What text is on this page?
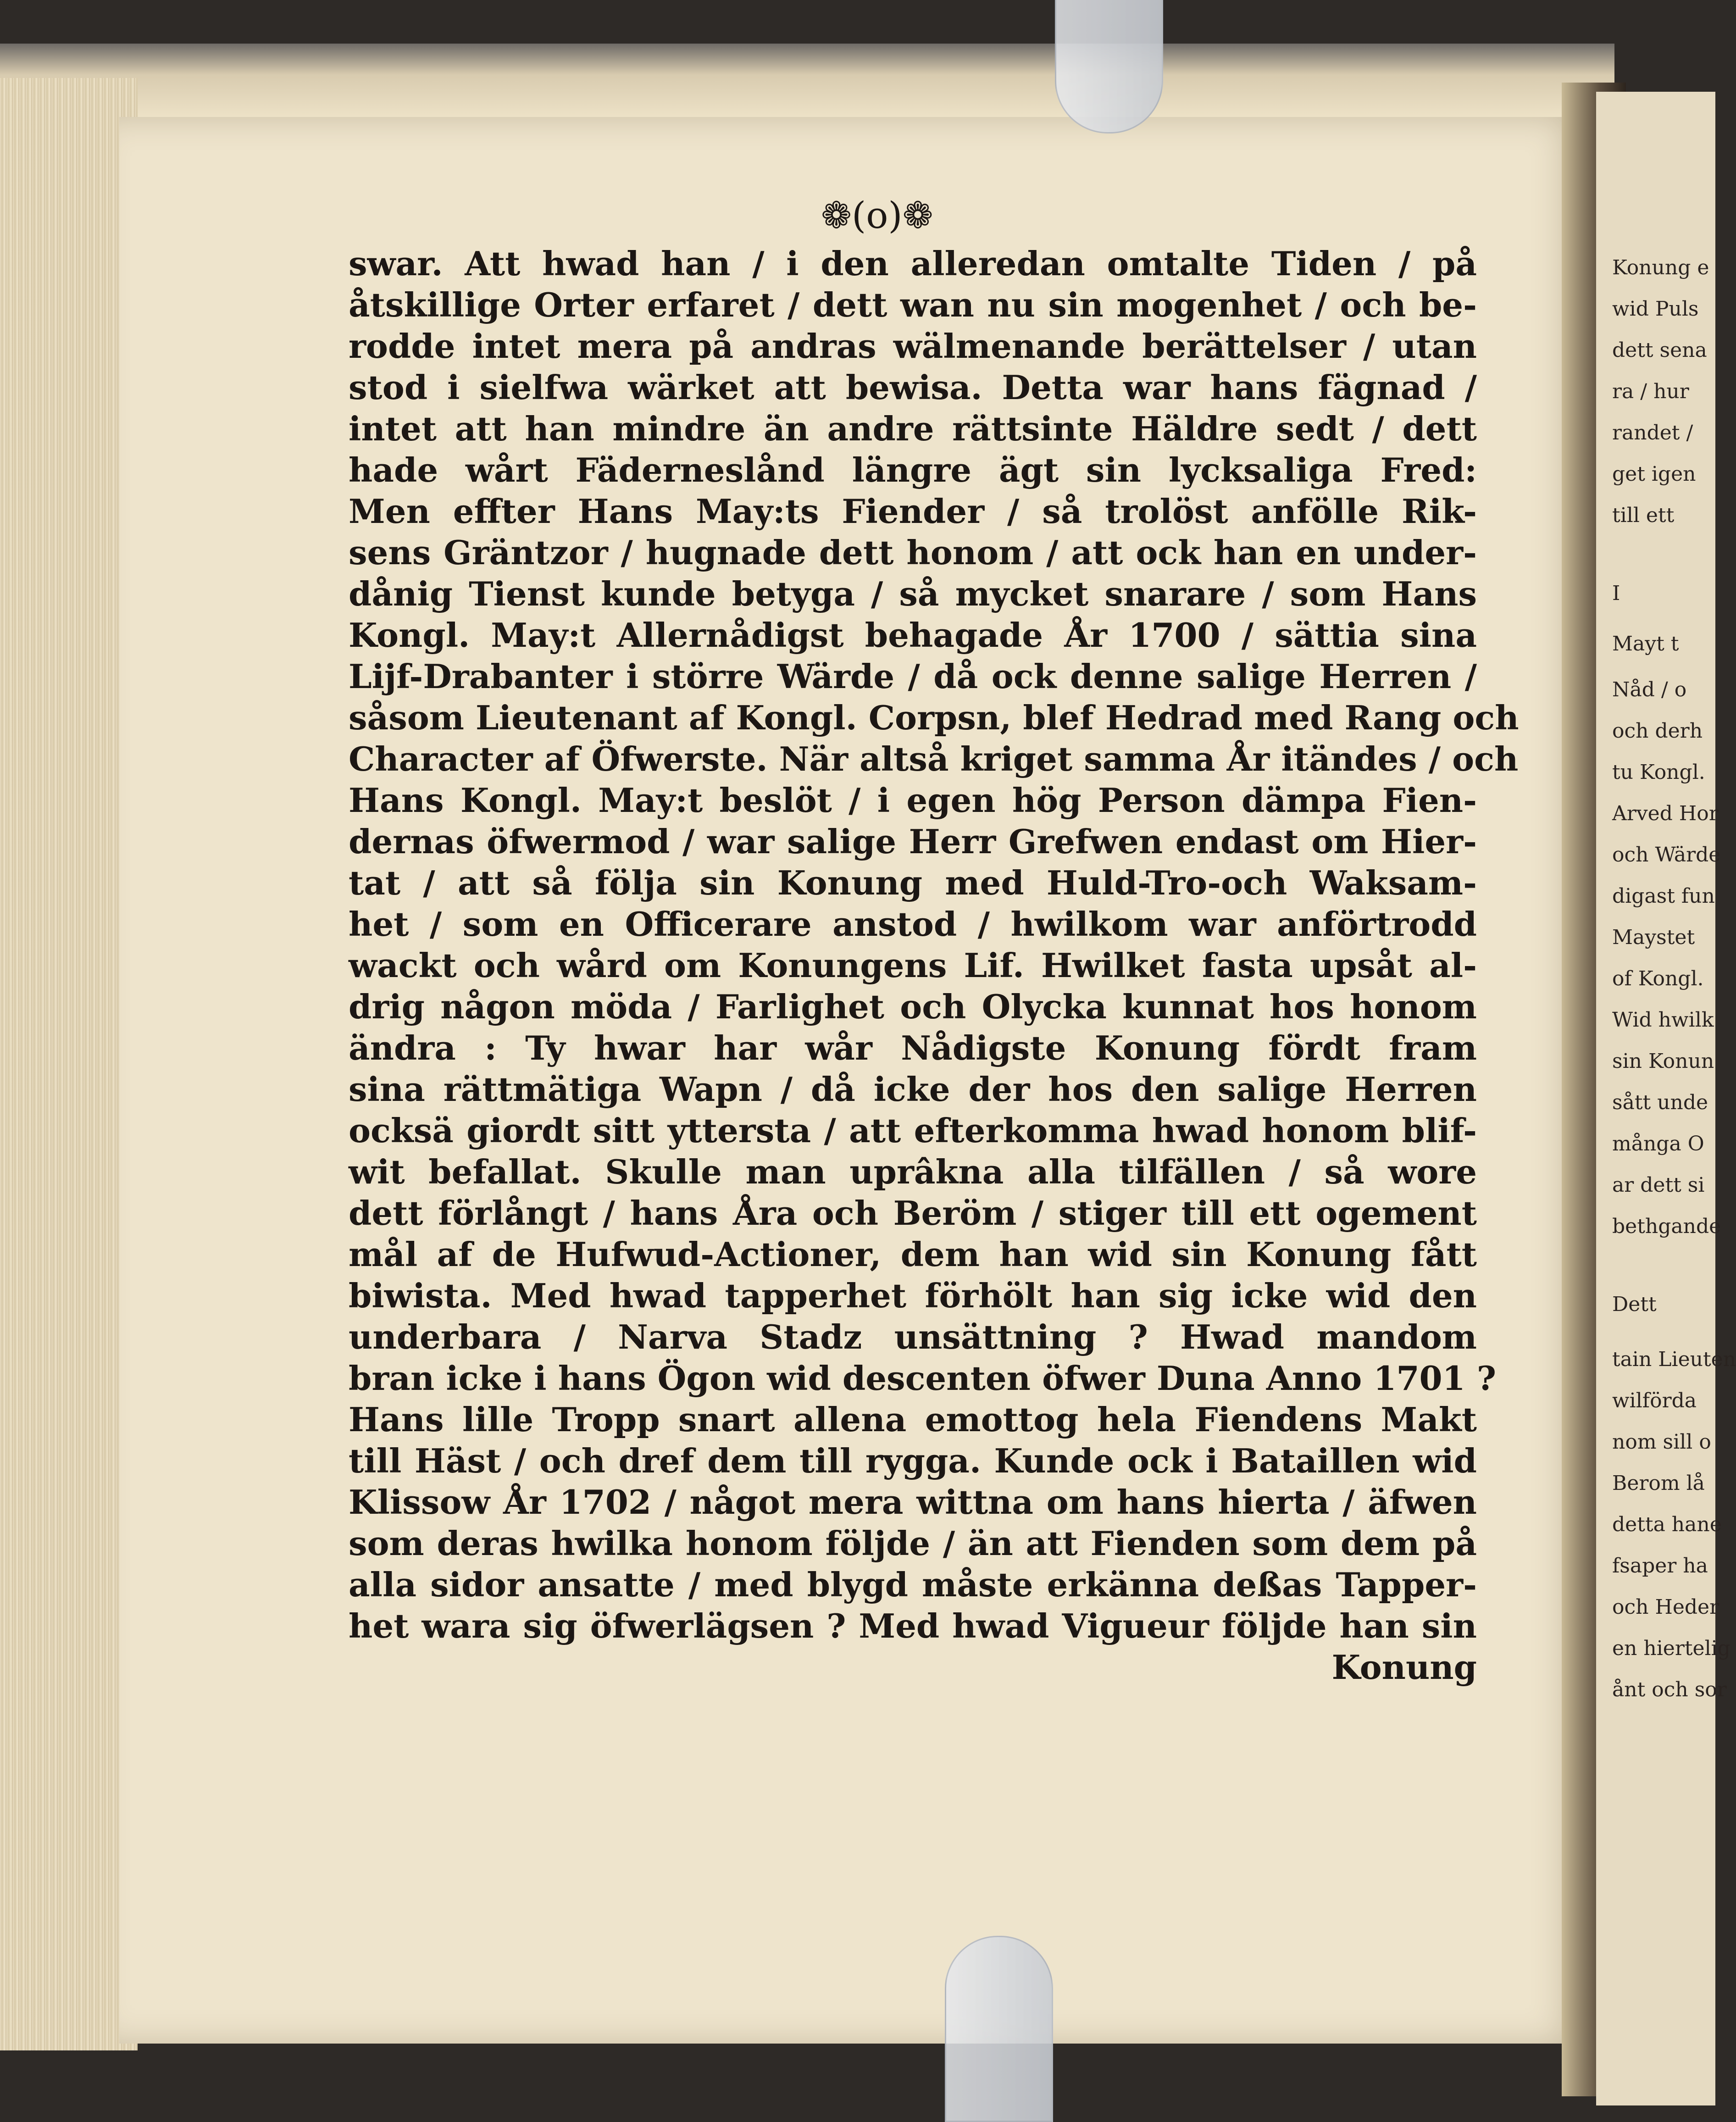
❁(o)❁
swar. Att hwad han / i den alleredan omtalte Tiden / på
åtskillige Orter erfaret / dett wan nu sin mogenhet / och be-
rodde intet mera på andras wälmenande berättelser / utan
stod i sielfwa wärket att bewisa. Detta war hans fägnad /
intet att han mindre än andre rättsinte Häldre sedt / dett
hade wårt Fäderneslånd längre ägt sin lycksaliga Fred:
Men effter Hans May:ts Fiender / så trolöst anfölle Rik-
sens Gräntzor / hugnade dett honom / att ock han en under-
dånig Tienst kunde betyga / så mycket snarare / som Hans
Kongl. May:t Allernådigst behagade År 1700 / sättia sina
Lijf-Drabanter i större Wärde / då ock denne salige Herren /
såsom Lieutenant af Kongl. Corpsn, blef Hedrad med Rang och
Character af Öfwerste. När altså kriget samma År itändes / och
Hans Kongl. May:t beslöt / i egen hög Person dämpa Fien-
dernas öfwermod / war salige Herr Grefwen endast om Hier-
tat / att så följa sin Konung med Huld-Tro-och Waksam-
het / som en Officerare anstod / hwilkom war anförtrodd
wackt och wård om Konungens Lif. Hwilket fasta upsåt al-
drig någon möda / Farlighet och Olycka kunnat hos honom
ändra : Ty hwar har wår Nådigste Konung fördt fram
sina rättmätiga Wapn / då icke der hos den salige Herren
ocksä giordt sitt yttersta / att efterkomma hwad honom blif-
wit befallat. Skulle man uprâkna alla tilfällen / så wore
dett förlångt / hans Åra och Beröm / stiger till ett ogement
mål af de Hufwud-Actioner, dem han wid sin Konung fått
biwista. Med hwad tapperhet förhölt han sig icke wid den
underbara / Narva Stadz unsättning ? Hwad mandom
bran icke i hans Ögon wid descenten öfwer Duna Anno 1701 ?
Hans lille Tropp snart allena emottog hela Fiendens Makt
till Häst / och dref dem till rygga. Kunde ock i Bataillen wid
Klissow År 1702 / något mera wittna om hans hierta / äfwen
som deras hwilka honom följde / än att Fienden som dem på
alla sidor ansatte / med blygd måste erkänna deßas Tapper-
het wara sig öfwerlägsen ? Med hwad Vigueur följde han sin
Konung
Konung e
wid Puls
dett sena
ra / hur
randet /
get igen
till ett
I
Mayt t
Nåd / o
och derh
tu Kongl.
Arved Hor
och Wärde
digast fun
Maystet
of Kongl.
Wid hwilk
sin Konun
sått unde
många O
ar dett si
bethgande
Dett
tain Lieuten
wilförda
nom sill o
Berom lå
detta hane
fsaper ha
och Heder
en hiertelig
ånt och sor
